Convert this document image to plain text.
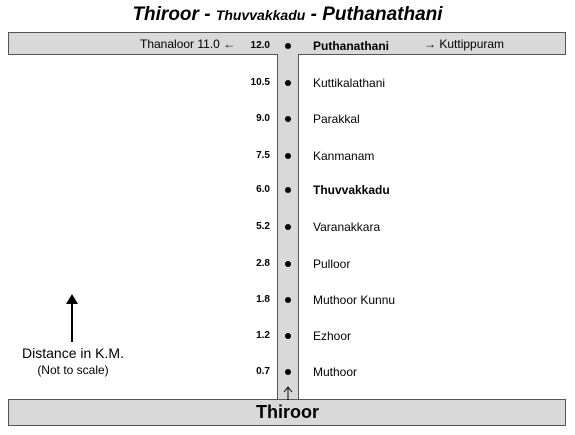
Thiroor - Thuvvakkadu - Puthanathani
Thanaloor 11.0 ←	→ Kuttippuram
12.0	Puthanathani
10.5	Kuttikalathani
9.0	Parakkal
7.5	Kanmanam
6.0	Thuvvakkadu
5.2	Varanakkara
2.8	Pulloor
1.8	Muthoor Kunnu
1.2	Ezhoor
0.7	Muthoor
Thiroor
Distance in K.M.
(Not to scale)
